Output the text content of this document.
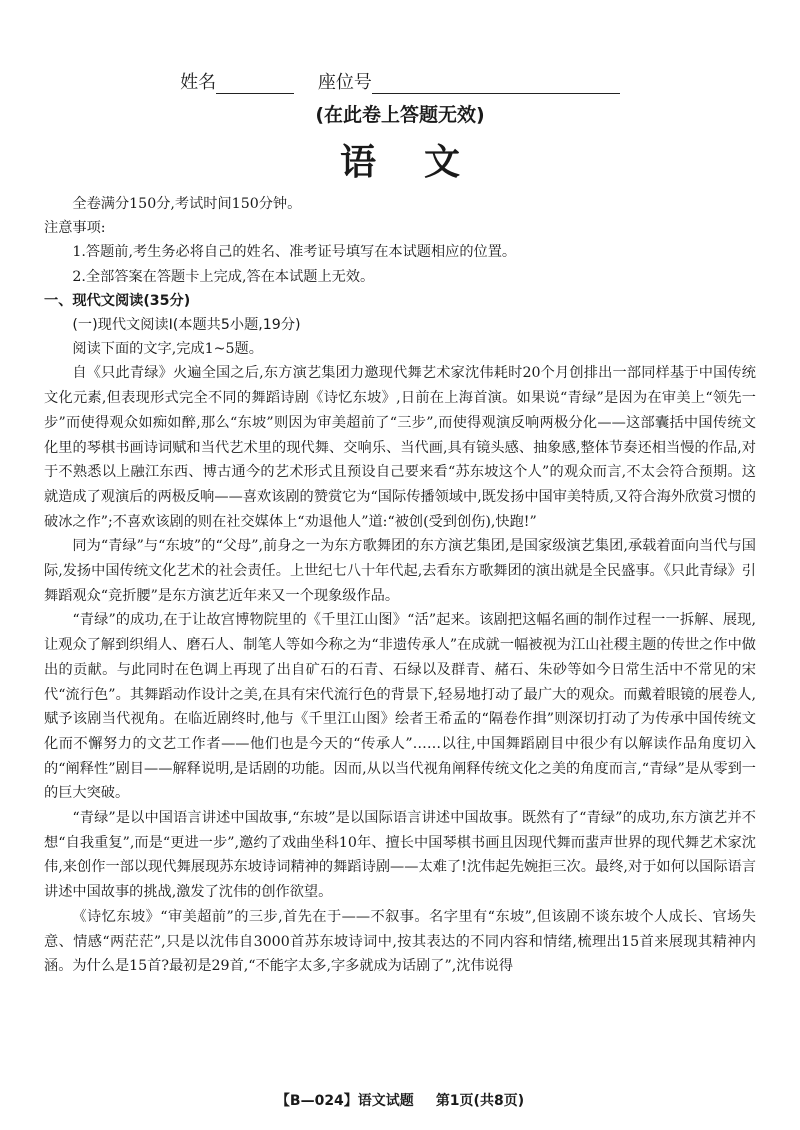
姓名	座位号
(在此卷上答题无效)
语文

全卷满分150分,考试时间150分钟。

注意事项:

1.答题前,考生务必将自己的姓名、准考证号填写在本试题相应的位置。

2.全部答案在答题卡上完成,答在本试题上无效。

一、现代文阅读(35分)

(一)现代文阅读Ⅰ(本题共5小题,19分)

阅读下面的文字,完成1~5题。

自《只此青绿》火遍全国之后,东方演艺集团力邀现代舞艺术家沈伟耗时20个月创排出一部同样基于中国传统文化元素,但表现形式完全不同的舞蹈诗剧《诗忆东坡》,日前在上海首演。如果说“青绿”是因为在审美上“领先一步”而使得观众如痴如醉,那么“东坡”则因为审美超前了“三步”,而使得观演反响两极分化——这部囊括中国传统文化里的琴棋书画诗词赋和当代艺术里的现代舞、交响乐、当代画,具有镜头感、抽象感,整体节奏还相当慢的作品,对于不熟悉以上融江东西、博古通今的艺术形式且预设自己要来看“苏东坡这个人”的观众而言,不太会符合预期。这就造成了观演后的两极反响——喜欢该剧的赞赏它为“国际传播领域中,既发扬中国审美特质,又符合海外欣赏习惯的破冰之作”;不喜欢该剧的则在社交媒体上“劝退他人”道:“被创(受到创伤),快跑!”

同为“青绿”与“东坡”的“父母”,前身之一为东方歌舞团的东方演艺集团,是国家级演艺集团,承载着面向当代与国际,发扬中国传统文化艺术的社会责任。上世纪七八十年代起,去看东方歌舞团的演出就是全民盛事。《只此青绿》引舞蹈观众“竞折腰”是东方演艺近年来又一个现象级作品。

“青绿”的成功,在于让故宫博物院里的《千里江山图》“活”起来。该剧把这幅名画的制作过程一一拆解、展现,让观众了解到织绢人、磨石人、制笔人等如今称之为“非遗传承人”在成就一幅被视为江山社稷主题的传世之作中做出的贡献。与此同时在色调上再现了出自矿石的石青、石绿以及群青、赭石、朱砂等如今日常生活中不常见的宋代“流行色”。其舞蹈动作设计之美,在具有宋代流行色的背景下,轻易地打动了最广大的观众。而戴着眼镜的展卷人,赋予该剧当代视角。在临近剧终时,他与《千里江山图》绘者王希孟的“隔卷作揖”则深切打动了为传承中国传统文化而不懈努力的文艺工作者——他们也是今天的“传承人”……以往,中国舞蹈剧目中很少有以解读作品角度切入的“阐释性”剧目——解释说明,是话剧的功能。因而,从以当代视角阐释传统文化之美的角度而言,“青绿”是从零到一的巨大突破。

“青绿”是以中国语言讲述中国故事,“东坡”是以国际语言讲述中国故事。既然有了“青绿”的成功,东方演艺并不想“自我重复”,而是“更进一步”,邀约了戏曲坐科10年、擅长中国琴棋书画且因现代舞而蜚声世界的现代舞艺术家沈伟,来创作一部以现代舞展现苏东坡诗词精神的舞蹈诗剧——太难了!沈伟起先婉拒三次。最终,对于如何以国际语言讲述中国故事的挑战,激发了沈伟的创作欲望。

《诗忆东坡》“审美超前”的三步,首先在于——不叙事。名字里有“东坡”,但该剧不谈东坡个人成长、官场失意、情感“两茫茫”,只是以沈伟自3000首苏东坡诗词中,按其表达的不同内容和情绪,梳理出15首来展现其精神内涵。为什么是15首?最初是29首,“不能字太多,字多就成为话剧了”,沈伟说得

【B—024】语文试题 第1页(共8页)
